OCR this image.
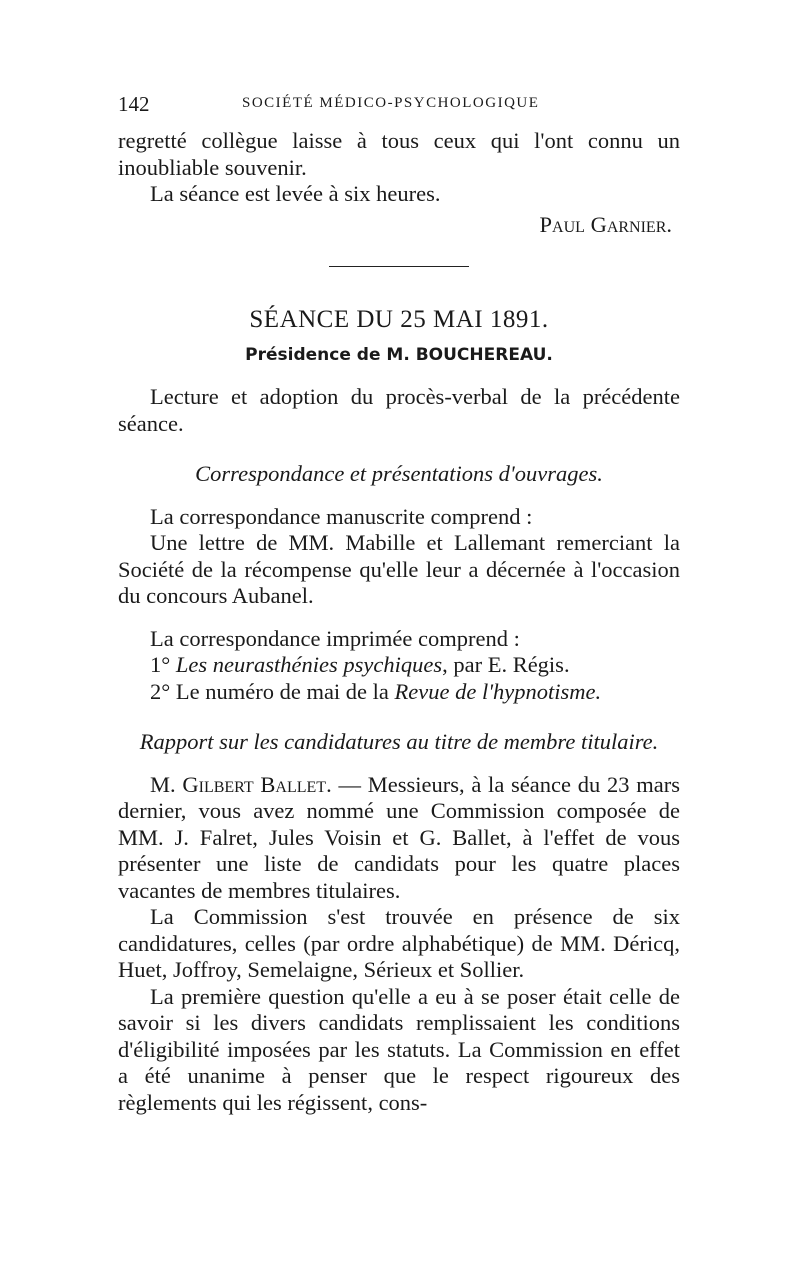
142	SOCIÉTÉ MÉDICO-PSYCHOLOGIQUE

regretté collègue laisse à tous ceux qui l'ont connu un inoubliable souvenir.

La séance est levée à six heures.

Paul Garnier.

SÉANCE DU 25 MAI 1891.
Présidence de M. BOUCHEREAU.

Lecture et adoption du procès-verbal de la précédente séance.

Correspondance et présentations d'ouvrages.

La correspondance manuscrite comprend :

Une lettre de MM. Mabille et Lallemant remerciant la Société de la récompense qu'elle leur a décernée à l'occasion du concours Aubanel.

La correspondance imprimée comprend :

1° Les neurasthénies psychiques, par E. Régis.

2° Le numéro de mai de la Revue de l'hypnotisme.

Rapport sur les candidatures au titre de membre titulaire.

M. Gilbert Ballet. — Messieurs, à la séance du 23 mars dernier, vous avez nommé une Commission composée de MM. J. Falret, Jules Voisin et G. Ballet, à l'effet de vous présenter une liste de candidats pour les quatre places vacantes de membres titulaires.

La Commission s'est trouvée en présence de six candidatures, celles (par ordre alphabétique) de MM. Déricq, Huet, Joffroy, Semelaigne, Sérieux et Sollier.

La première question qu'elle a eu à se poser était celle de savoir si les divers candidats remplissaient les conditions d'éligibilité imposées par les statuts. La Commission en effet a été unanime à penser que le respect rigoureux des règlements qui les régissent, cons-
